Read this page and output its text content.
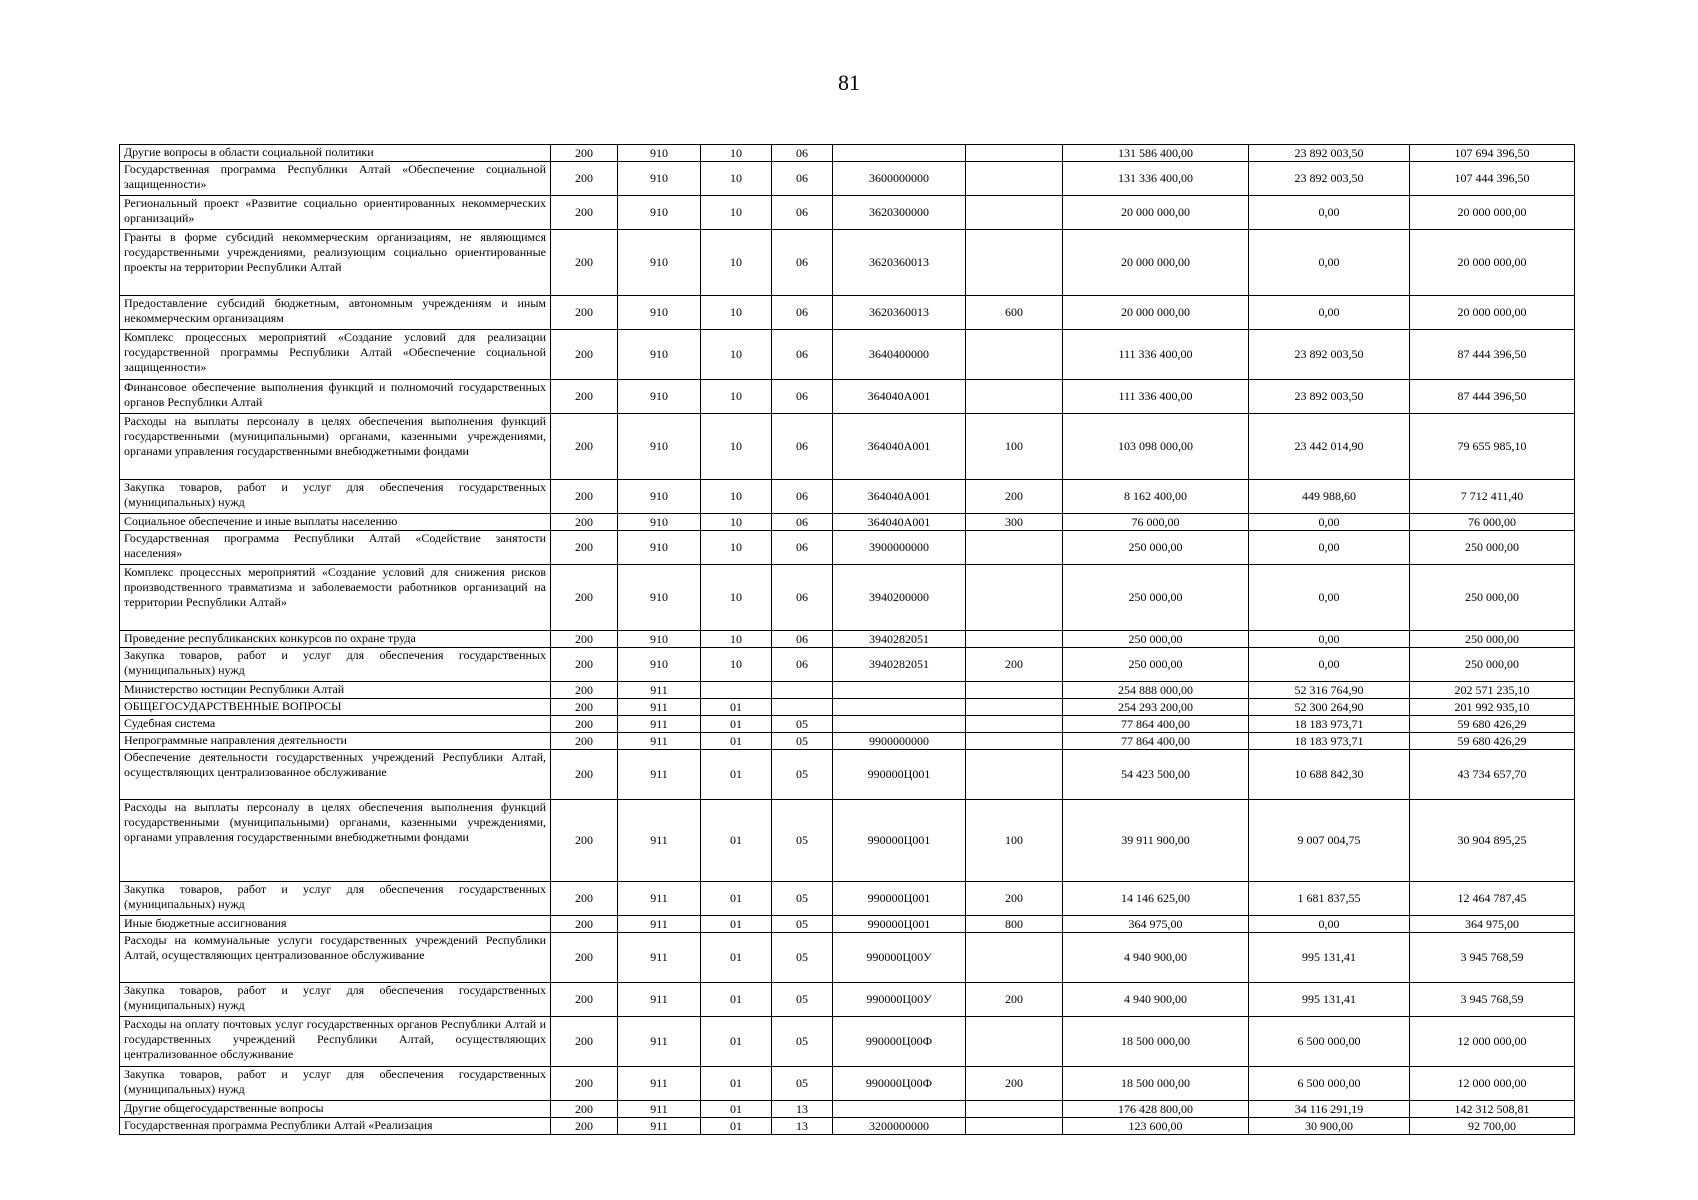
81
Другие вопросы в области социальной политики	200	910	10	06			131 586 400,00	23 892 003,50	107 694 396,50
Государственная программа Республики Алтай «Обеспечение социальной защищенности»	200	910	10	06	3600000000		131 336 400,00	23 892 003,50	107 444 396,50
Региональный проект «Развитие социально ориентированных некоммерческих организаций»	200	910	10	06	3620300000		20 000 000,00	0,00	20 000 000,00
Гранты в форме субсидий некоммерческим организациям, не являющимся государственными учреждениями, реализующим социально ориентированные проекты на территории Республики Алтай	200	910	10	06	3620360013		20 000 000,00	0,00	20 000 000,00
Предоставление субсидий бюджетным, автономным учреждениям и иным некоммерческим организациям	200	910	10	06	3620360013	600	20 000 000,00	0,00	20 000 000,00
Комплекс процессных мероприятий «Создание условий для реализации государственной программы Республики Алтай «Обеспечение социальной защищенности»	200	910	10	06	3640400000		111 336 400,00	23 892 003,50	87 444 396,50
Финансовое обеспечение выполнения функций и полномочий государственных органов Республики Алтай	200	910	10	06	364040А001		111 336 400,00	23 892 003,50	87 444 396,50
Расходы на выплаты персоналу в целях обеспечения выполнения функций государственными (муниципальными) органами, казенными учреждениями, органами управления государственными внебюджетными фондами	200	910	10	06	364040А001	100	103 098 000,00	23 442 014,90	79 655 985,10
Закупка товаров, работ и услуг для обеспечения государственных (муниципальных) нужд	200	910	10	06	364040А001	200	8 162 400,00	449 988,60	7 712 411,40
Социальное обеспечение и иные выплаты населению	200	910	10	06	364040А001	300	76 000,00	0,00	76 000,00
Государственная программа Республики Алтай «Содействие занятости населения»	200	910	10	06	3900000000		250 000,00	0,00	250 000,00
Комплекс процессных мероприятий «Создание условий для снижения рисков производственного травматизма и заболеваемости работников организаций на территории Республики Алтай»	200	910	10	06	3940200000		250 000,00	0,00	250 000,00
Проведение республиканских конкурсов по охране труда	200	910	10	06	3940282051		250 000,00	0,00	250 000,00
Закупка товаров, работ и услуг для обеспечения государственных (муниципальных) нужд	200	910	10	06	3940282051	200	250 000,00	0,00	250 000,00
Министерство юстиции Республики Алтай	200	911					254 888 000,00	52 316 764,90	202 571 235,10
ОБЩЕГОСУДАРСТВЕННЫЕ ВОПРОСЫ	200	911	01				254 293 200,00	52 300 264,90	201 992 935,10
Судебная система	200	911	01	05			77 864 400,00	18 183 973,71	59 680 426,29
Непрограммные направления деятельности	200	911	01	05	9900000000		77 864 400,00	18 183 973,71	59 680 426,29
Обеспечение деятельности государственных учреждений Республики Алтай, осуществляющих централизованное обслуживание	200	911	01	05	990000Ц001		54 423 500,00	10 688 842,30	43 734 657,70
Расходы на выплаты персоналу в целях обеспечения выполнения функций государственными (муниципальными) органами, казенными учреждениями, органами управления государственными внебюджетными фондами	200	911	01	05	990000Ц001	100	39 911 900,00	9 007 004,75	30 904 895,25
Закупка товаров, работ и услуг для обеспечения государственных (муниципальных) нужд	200	911	01	05	990000Ц001	200	14 146 625,00	1 681 837,55	12 464 787,45
Иные бюджетные ассигнования	200	911	01	05	990000Ц001	800	364 975,00	0,00	364 975,00
Расходы на коммунальные услуги государственных учреждений Республики Алтай, осуществляющих централизованное обслуживание	200	911	01	05	990000Ц00У		4 940 900,00	995 131,41	3 945 768,59
Закупка товаров, работ и услуг для обеспечения государственных (муниципальных) нужд	200	911	01	05	990000Ц00У	200	4 940 900,00	995 131,41	3 945 768,59
Расходы на оплату почтовых услуг государственных органов Республики Алтай и государственных учреждений Республики Алтай, осуществляющих централизованное обслуживание	200	911	01	05	990000Ц00Ф		18 500 000,00	6 500 000,00	12 000 000,00
Закупка товаров, работ и услуг для обеспечения государственных (муниципальных) нужд	200	911	01	05	990000Ц00Ф	200	18 500 000,00	6 500 000,00	12 000 000,00
Другие общегосударственные вопросы	200	911	01	13			176 428 800,00	34 116 291,19	142 312 508,81
Государственная программа Республики Алтай «Реализация	200	911	01	13	3200000000		123 600,00	30 900,00	92 700,00
